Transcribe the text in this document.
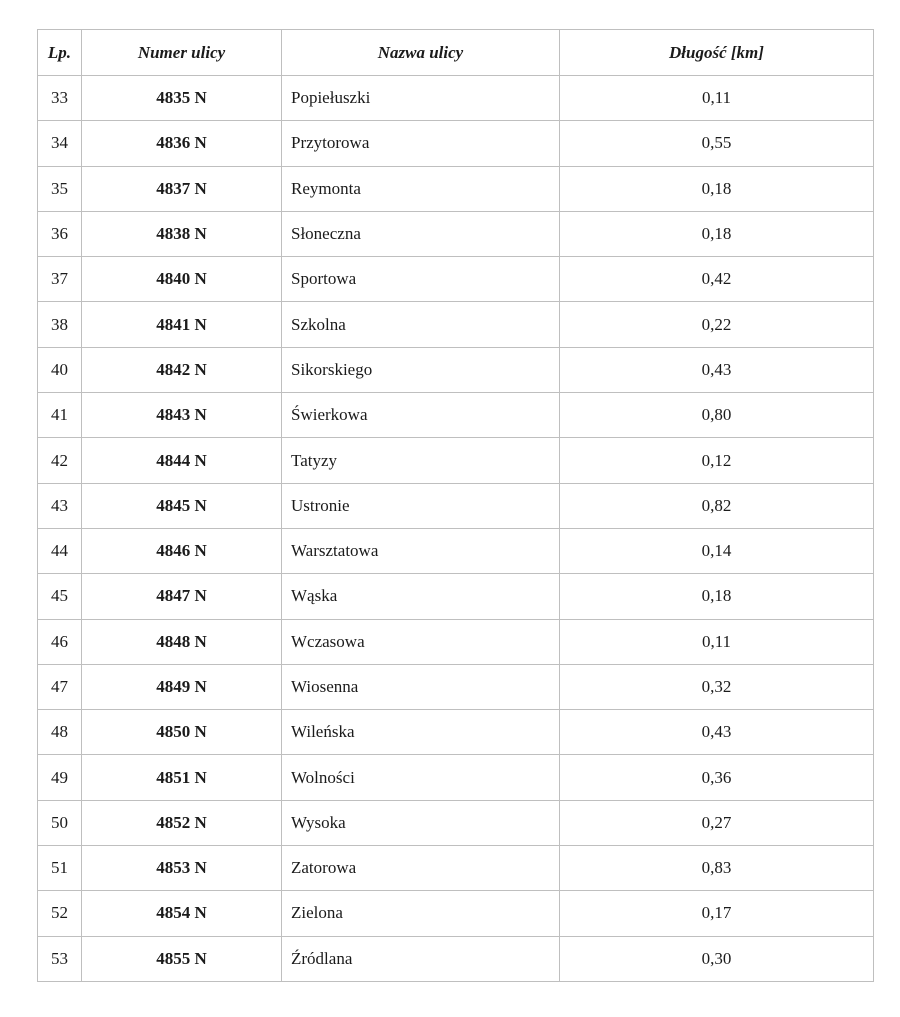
Lp.	Numer ulicy	Nazwa ulicy	Długość [km]
33	4835 N	Popiełuszki	0,11
34	4836 N	Przytorowa	0,55
35	4837 N	Reymonta	0,18
36	4838 N	Słoneczna	0,18
37	4840 N	Sportowa	0,42
38	4841 N	Szkolna	0,22
40	4842 N	Sikorskiego	0,43
41	4843 N	Świerkowa	0,80
42	4844 N	Tatyzy	0,12
43	4845 N	Ustronie	0,82
44	4846 N	Warsztatowa	0,14
45	4847 N	Wąska	0,18
46	4848 N	Wczasowa	0,11
47	4849 N	Wiosenna	0,32
48	4850 N	Wileńska	0,43
49	4851 N	Wolności	0,36
50	4852 N	Wysoka	0,27
51	4853 N	Zatorowa	0,83
52	4854 N	Zielona	0,17
53	4855 N	Źródlana	0,30
